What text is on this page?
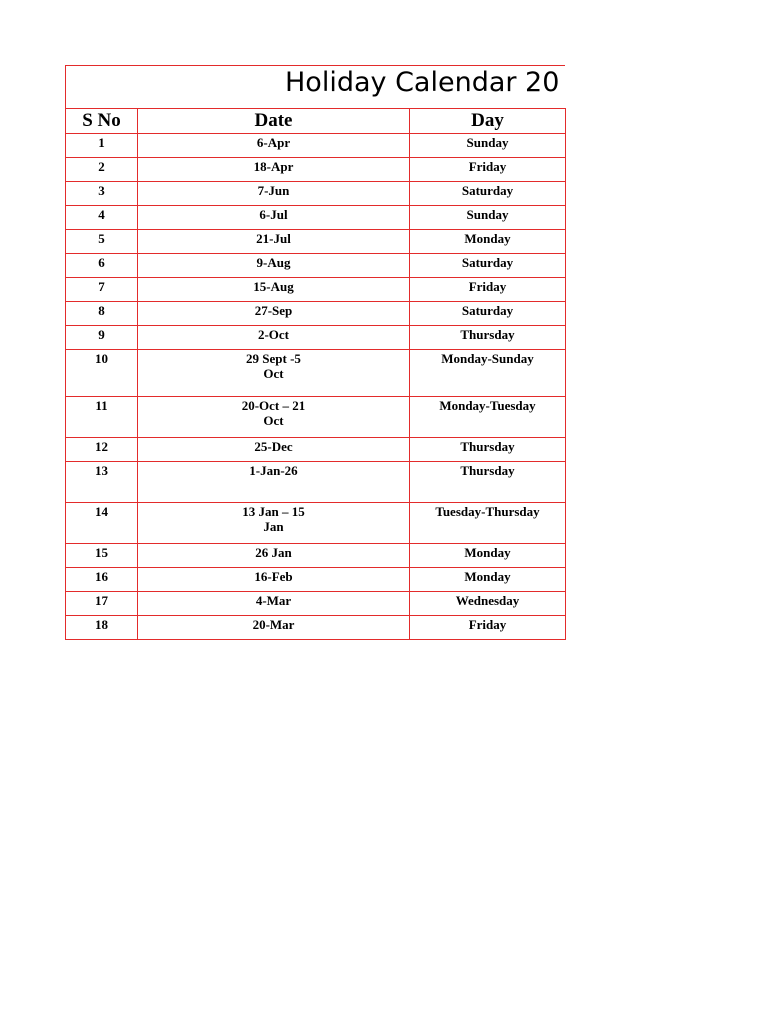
Holiday Calendar 20
S No	Date	Day
1	6-Apr	Sunday
2	18-Apr	Friday
3	7-Jun	Saturday
4	6-Jul	Sunday
5	21-Jul	Monday
6	9-Aug	Saturday
7	15-Aug	Friday
8	27-Sep	Saturday
9	2-Oct	Thursday
10	29 Sept -5 Oct	Monday-Sunday
11	20-Oct – 21 Oct	Monday-Tuesday
12	25-Dec	Thursday
13	1-Jan-26	Thursday
14	13 Jan – 15 Jan	Tuesday-Thursday
15	26 Jan	Monday
16	16-Feb	Monday
17	4-Mar	Wednesday
18	20-Mar	Friday
